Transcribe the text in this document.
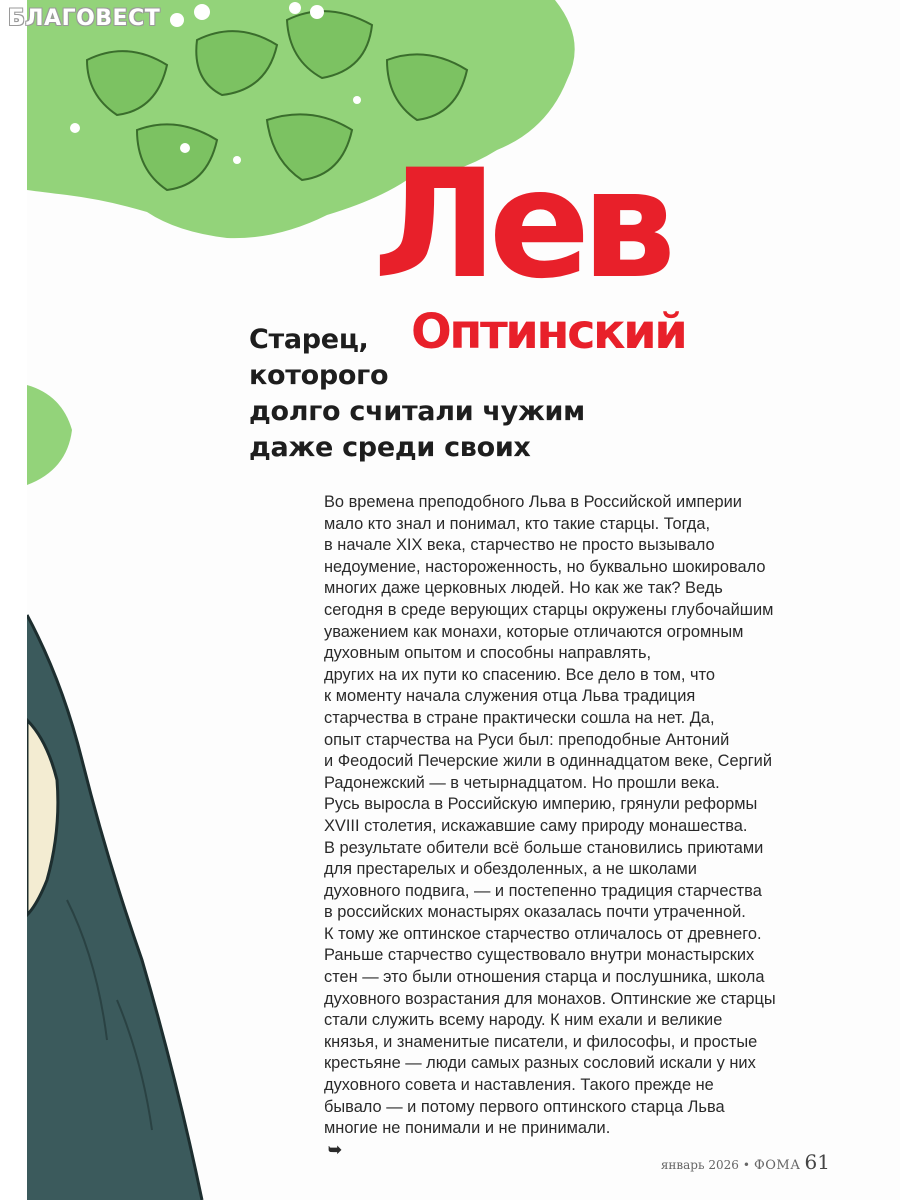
Лев
Оптинский

Старец,
которого
долго считали чужим
даже среди своих

Во времена преподобного Льва в Российской империи
мало кто знал и понимал, кто такие старцы. Тогда,
в начале XIX века, старчество не просто вызывало
недоумение, настороженность, но буквально шокировало
многих даже церковных людей. Но как же так? Ведь
сегодня в среде верующих старцы окружены глубочайшим
уважением как монахи, которые отличаются огромным
духовным опытом и способны направлять,
других на их пути ко спасению. Все дело в том, что
к моменту начала служения отца Льва традиция
старчества в стране практически сошла на нет. Да,
опыт старчества на Руси был: преподобные Антоний
и Феодосий Печерские жили в одиннадцатом веке, Сергий
Радонежский — в четырнадцатом. Но прошли века.
Русь выросла в Российскую империю, грянули реформы
XVIII столетия, искажавшие саму природу монашества.
В результате обители всё больше становились приютами
для престарелых и обездоленных, а не школами
духовного подвига, — и постепенно традиция старчества
в российских монастырях оказалась почти утраченной.
К тому же оптинское старчество отличалось от древнего.
Раньше старчество существовало внутри монастырских
стен — это были отношения старца и послушника, школа
духовного возрастания для монахов. Оптинские же старцы
стали служить всему народу. К ним ехали и великие
князья, и знаменитые писатели, и философы, и простые
крестьяне — люди самых разных сословий искали у них
духовного совета и наставления. Такого прежде не
бывало — и потому первого оптинского старца Льва
многие не понимали и не принимали.
➥
январь 2026 • ФОМА 61
БЛАГОВЕСТ
